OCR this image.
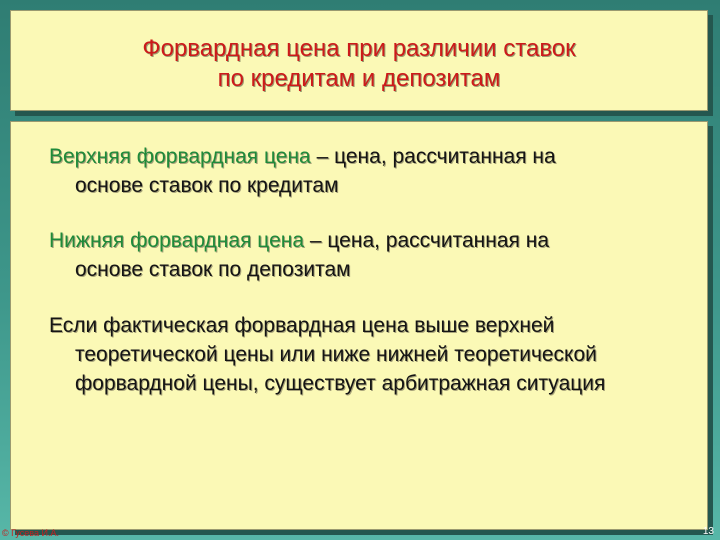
Форвардная цена при различии ставок
по кредитам и депозитам
Верхняя форвардная цена – цена, рассчитанная на
основе ставок по кредитам
Нижняя форвардная цена – цена, рассчитанная на
основе ставок по депозитам
Если фактическая форвардная цена выше верхней
теоретической цены или ниже нижней теоретической
форвардной цены, существует арбитражная ситуация
© Гусева И.А.	13
